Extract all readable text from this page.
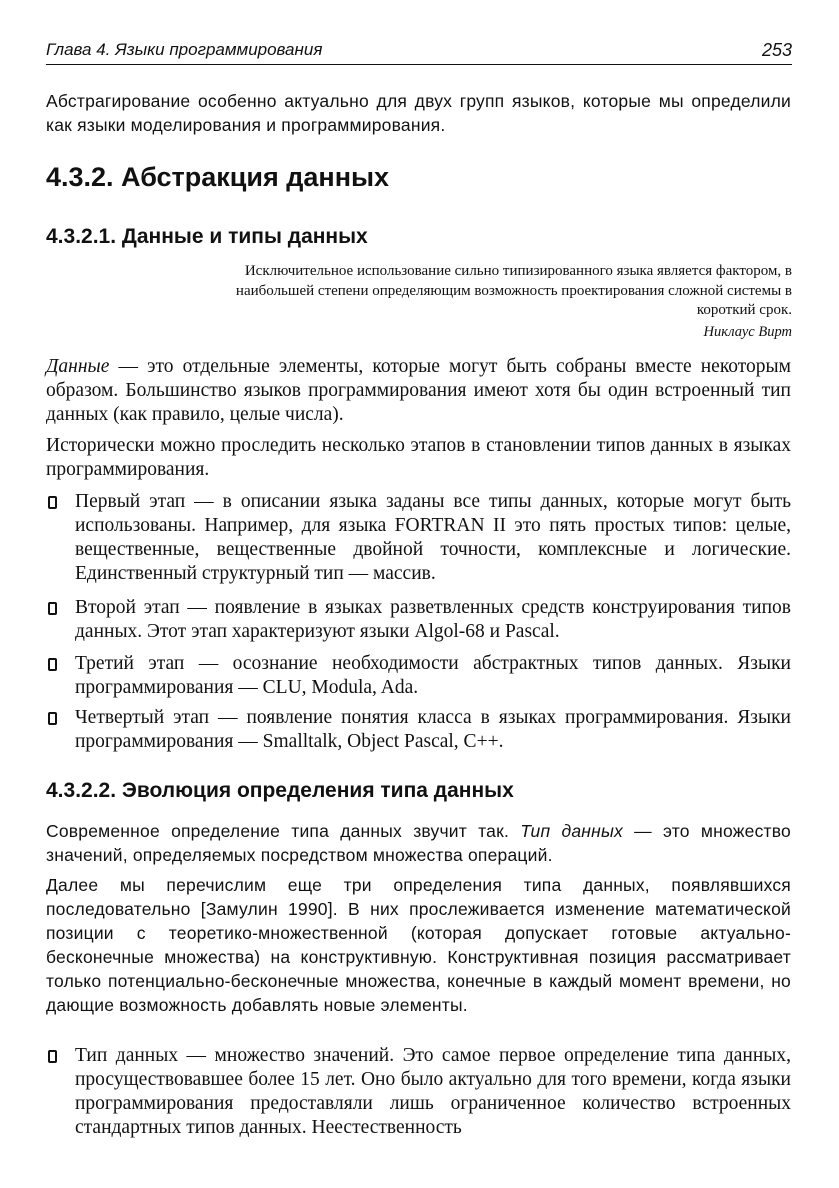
Глава 4. Языки программирования	253

Абстрагирование особенно актуально для двух групп языков, которые мы определили как языки моделирования и программирования.

4.3.2. Абстракция данных
4.3.2.1. Данные и типы данных
Исключительное использование сильно типизированного языка является фактором, в наибольшей степени определяющим возможность проектирования сложной системы в короткий срок.
Никлаус Вирт

Данные — это отдельные элементы, которые могут быть собраны вместе некоторым образом. Большинство языков программирования имеют хотя бы один встроенный тип данных (как правило, целые числа).

Исторически можно проследить несколько этапов в становлении типов данных в языках программирования.

Первый этап — в описании языка заданы все типы данных, которые могут быть использованы. Например, для языка FORTRAN II это пять простых типов: целые, вещественные, вещественные двойной точности, комплексные и логические. Единственный структурный тип — массив.

Второй этап — появление в языках разветвленных средств конструирования типов данных. Этот этап характеризуют языки Algol-68 и Pascal.

Третий этап — осознание необходимости абстрактных типов данных. Языки программирования — CLU, Modula, Ada.

Четвертый этап — появление понятия класса в языках программирования. Языки программирования — Smalltalk, Object Pascal, С++.

4.3.2.2. Эволюция определения типа данных

Современное определение типа данных звучит так. Тип данных — это множество значений, определяемых посредством множества операций.

Далее мы перечислим еще три определения типа данных, появлявшихся последовательно [Замулин 1990]. В них прослеживается изменение математической позиции с теоретико-множественной (которая допускает готовые актуально-бесконечные множества) на конструктивную. Конструктивная позиция рассматривает только потенциально-бесконечные множества, конечные в каждый момент времени, но дающие возможность добавлять новые элементы.

Тип данных — множество значений. Это самое первое определение типа данных, просуществовавшее более 15 лет. Оно было актуально для того времени, когда языки программирования предоставляли лишь ограниченное количество встроенных стандартных типов данных. Неестественность
